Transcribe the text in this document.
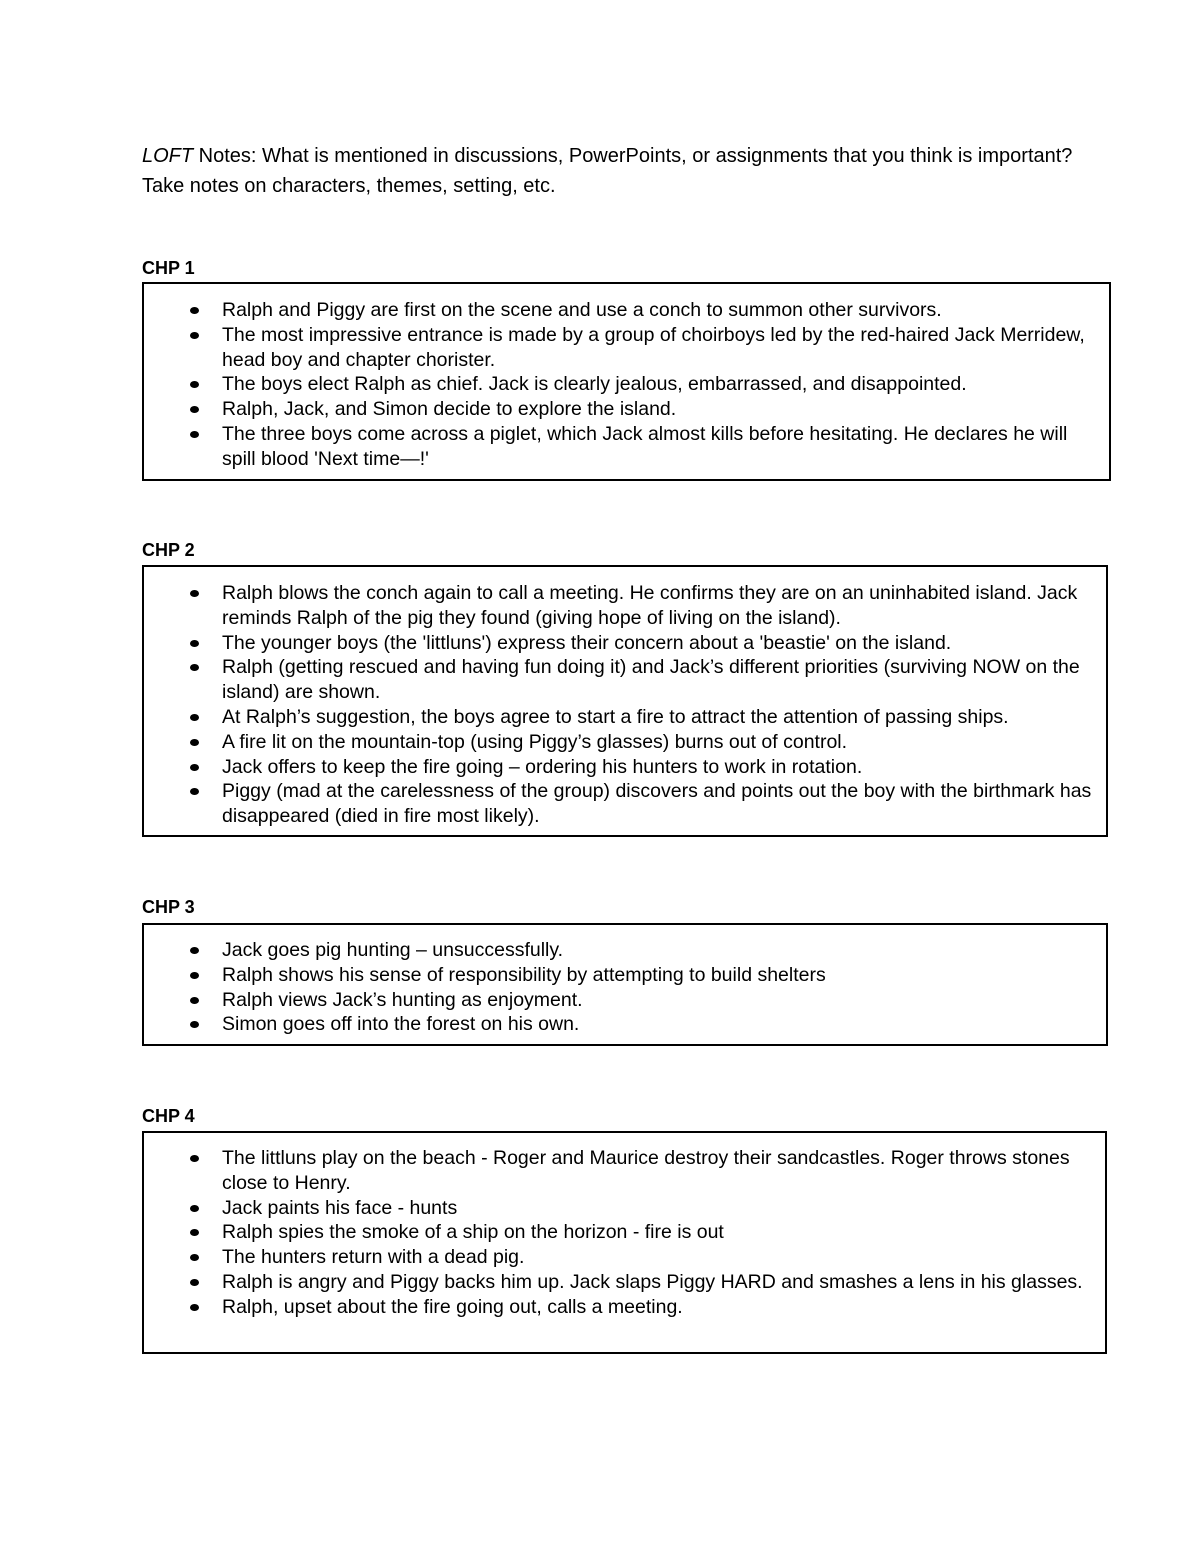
LOFT Notes: What is mentioned in discussions, PowerPoints, or assignments that you think is important? Take notes on characters, themes, setting, etc.
CHP 1
Ralph and Piggy are first on the scene and use a conch to summon other survivors.
The most impressive entrance is made by a group of choirboys led by the red-haired Jack Merridew, head boy and chapter chorister.
The boys elect Ralph as chief. Jack is clearly jealous, embarrassed, and disappointed.
Ralph, Jack, and Simon decide to explore the island.
The three boys come across a piglet, which Jack almost kills before hesitating. He declares he will spill blood 'Next time—!'
CHP 2
Ralph blows the conch again to call a meeting. He confirms they are on an uninhabited island. Jack reminds Ralph of the pig they found (giving hope of living on the island).
The younger boys (the 'littluns') express their concern about a 'beastie' on the island.
Ralph (getting rescued and having fun doing it) and Jack’s different priorities (surviving NOW on the island) are shown.
At Ralph’s suggestion, the boys agree to start a fire to attract the attention of passing ships.
A fire lit on the mountain-top (using Piggy’s glasses) burns out of control.
Jack offers to keep the fire going – ordering his hunters to work in rotation.
Piggy (mad at the carelessness of the group) discovers and points out the boy with the birthmark has disappeared (died in fire most likely).
CHP 3
Jack goes pig hunting – unsuccessfully.
Ralph shows his sense of responsibility by attempting to build shelters
Ralph views Jack’s hunting as enjoyment.
Simon goes off into the forest on his own.
CHP 4
The littluns play on the beach - Roger and Maurice destroy their sandcastles. Roger throws stones close to Henry.
Jack paints his face - hunts
Ralph spies the smoke of a ship on the horizon - fire is out
The hunters return with a dead pig.
Ralph is angry and Piggy backs him up. Jack slaps Piggy HARD and smashes a lens in his glasses.
Ralph, upset about the fire going out, calls a meeting.
